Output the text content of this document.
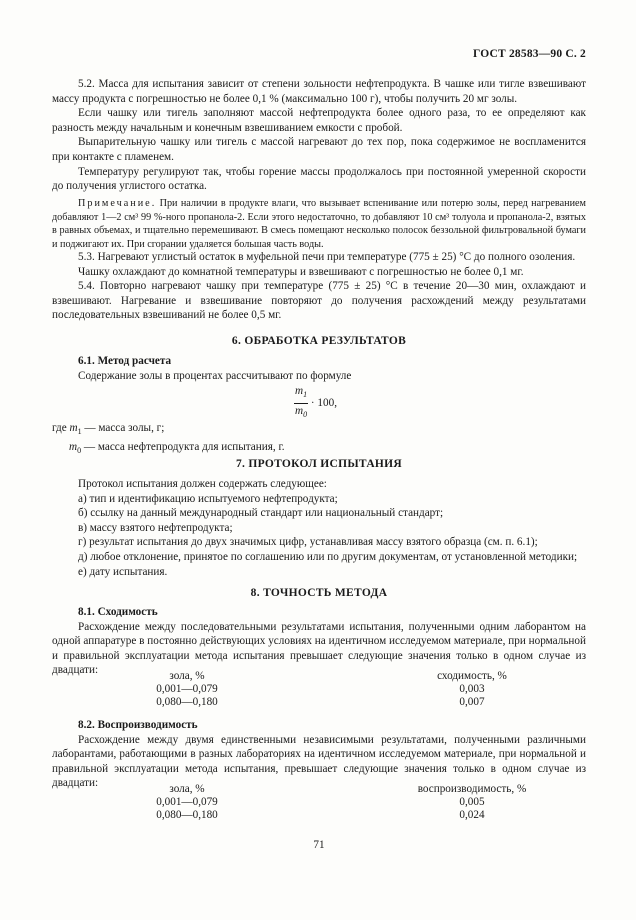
ГОСТ 28583—90 С. 2

5.2. Масса для испытания зависит от степени зольности нефтепродукта. В чашке или тигле взвешивают массу продукта с погрешностью не более 0,1 % (максимально 100 г), чтобы получить 20 мг золы.

Если чашку или тигель заполняют массой нефтепродукта более одного раза, то ее определяют как разность между начальным и конечным взвешиванием емкости с пробой.

Выпарительную чашку или тигель с массой нагревают до тех пор, пока содержимое не воспламенится при контакте с пламенем.

Температуру регулируют так, чтобы горение массы продолжалось при постоянной умеренной скорости до получения углистого остатка.

Примечание. При наличии в продукте влаги, что вызывает вспенивание или потерю золы, перед нагреванием добавляют 1—2 см³ 99 %-ного пропанола-2. Если этого недостаточно, то добавляют 10 см³ толуола и пропанола-2, взятых в равных объемах, и тщательно перемешивают. В смесь помещают несколько полосок беззольной фильтровальной бумаги и поджигают их. При сгорании удаляется большая часть воды.

5.3. Нагревают углистый остаток в муфельной печи при температуре (775 ± 25) °С до полного озоления.

Чашку охлаждают до комнатной температуры и взвешивают с погрешностью не более 0,1 мг.

5.4. Повторно нагревают чашку при температуре (775 ± 25) °С в течение 20—30 мин, охлаждают и взвешивают. Нагревание и взвешивание повторяют до получения расхождений между результатами последовательных взвешиваний не более 0,5 мг.

6. ОБРАБОТКА РЕЗУЛЬТАТОВ

6.1. Метод расчета

Содержание золы в процентах рассчитывают по формуле

$\frac{m_1}{m_0} \cdot 100$,

где $m_1$ — масса золы, г;

$m_0$ — масса нефтепродукта для испытания, г.

7. ПРОТОКОЛ ИСПЫТАНИЯ

Протокол испытания должен содержать следующее:

а) тип и идентификацию испытуемого нефтепродукта;

б) ссылку на данный международный стандарт или национальный стандарт;

в) массу взятого нефтепродукта;

г) результат испытания до двух значимых цифр, устанавливая массу взятого образца (см. п. 6.1);

д) любое отклонение, принятое по соглашению или по другим документам, от установленной методики;

е) дату испытания.

8. ТОЧНОСТЬ МЕТОДА

8.1. Сходимость

Расхождение между последовательными результатами испытания, полученными одним лаборантом на одной аппаратуре в постоянно действующих условиях на идентичном исследуемом материале, при нормальной и правильной эксплуатации метода испытания превышает следующие значения только в одном случае из двадцати:	зола, %	сходимость, %
0,001—0,079	0,003
0,080—0,180	0,007

8.2. Воспроизводимость

Расхождение между двумя единственными независимыми результатами, полученными различными лаборантами, работающими в разных лабораториях на идентичном исследуемом материале, при нормальной и правильной эксплуатации метода испытания, превышает следующие значения только в одном случае из двадцати:	зола, %	воспроизводимость, %
0,001—0,079	0,005
0,080—0,180	0,024
71
